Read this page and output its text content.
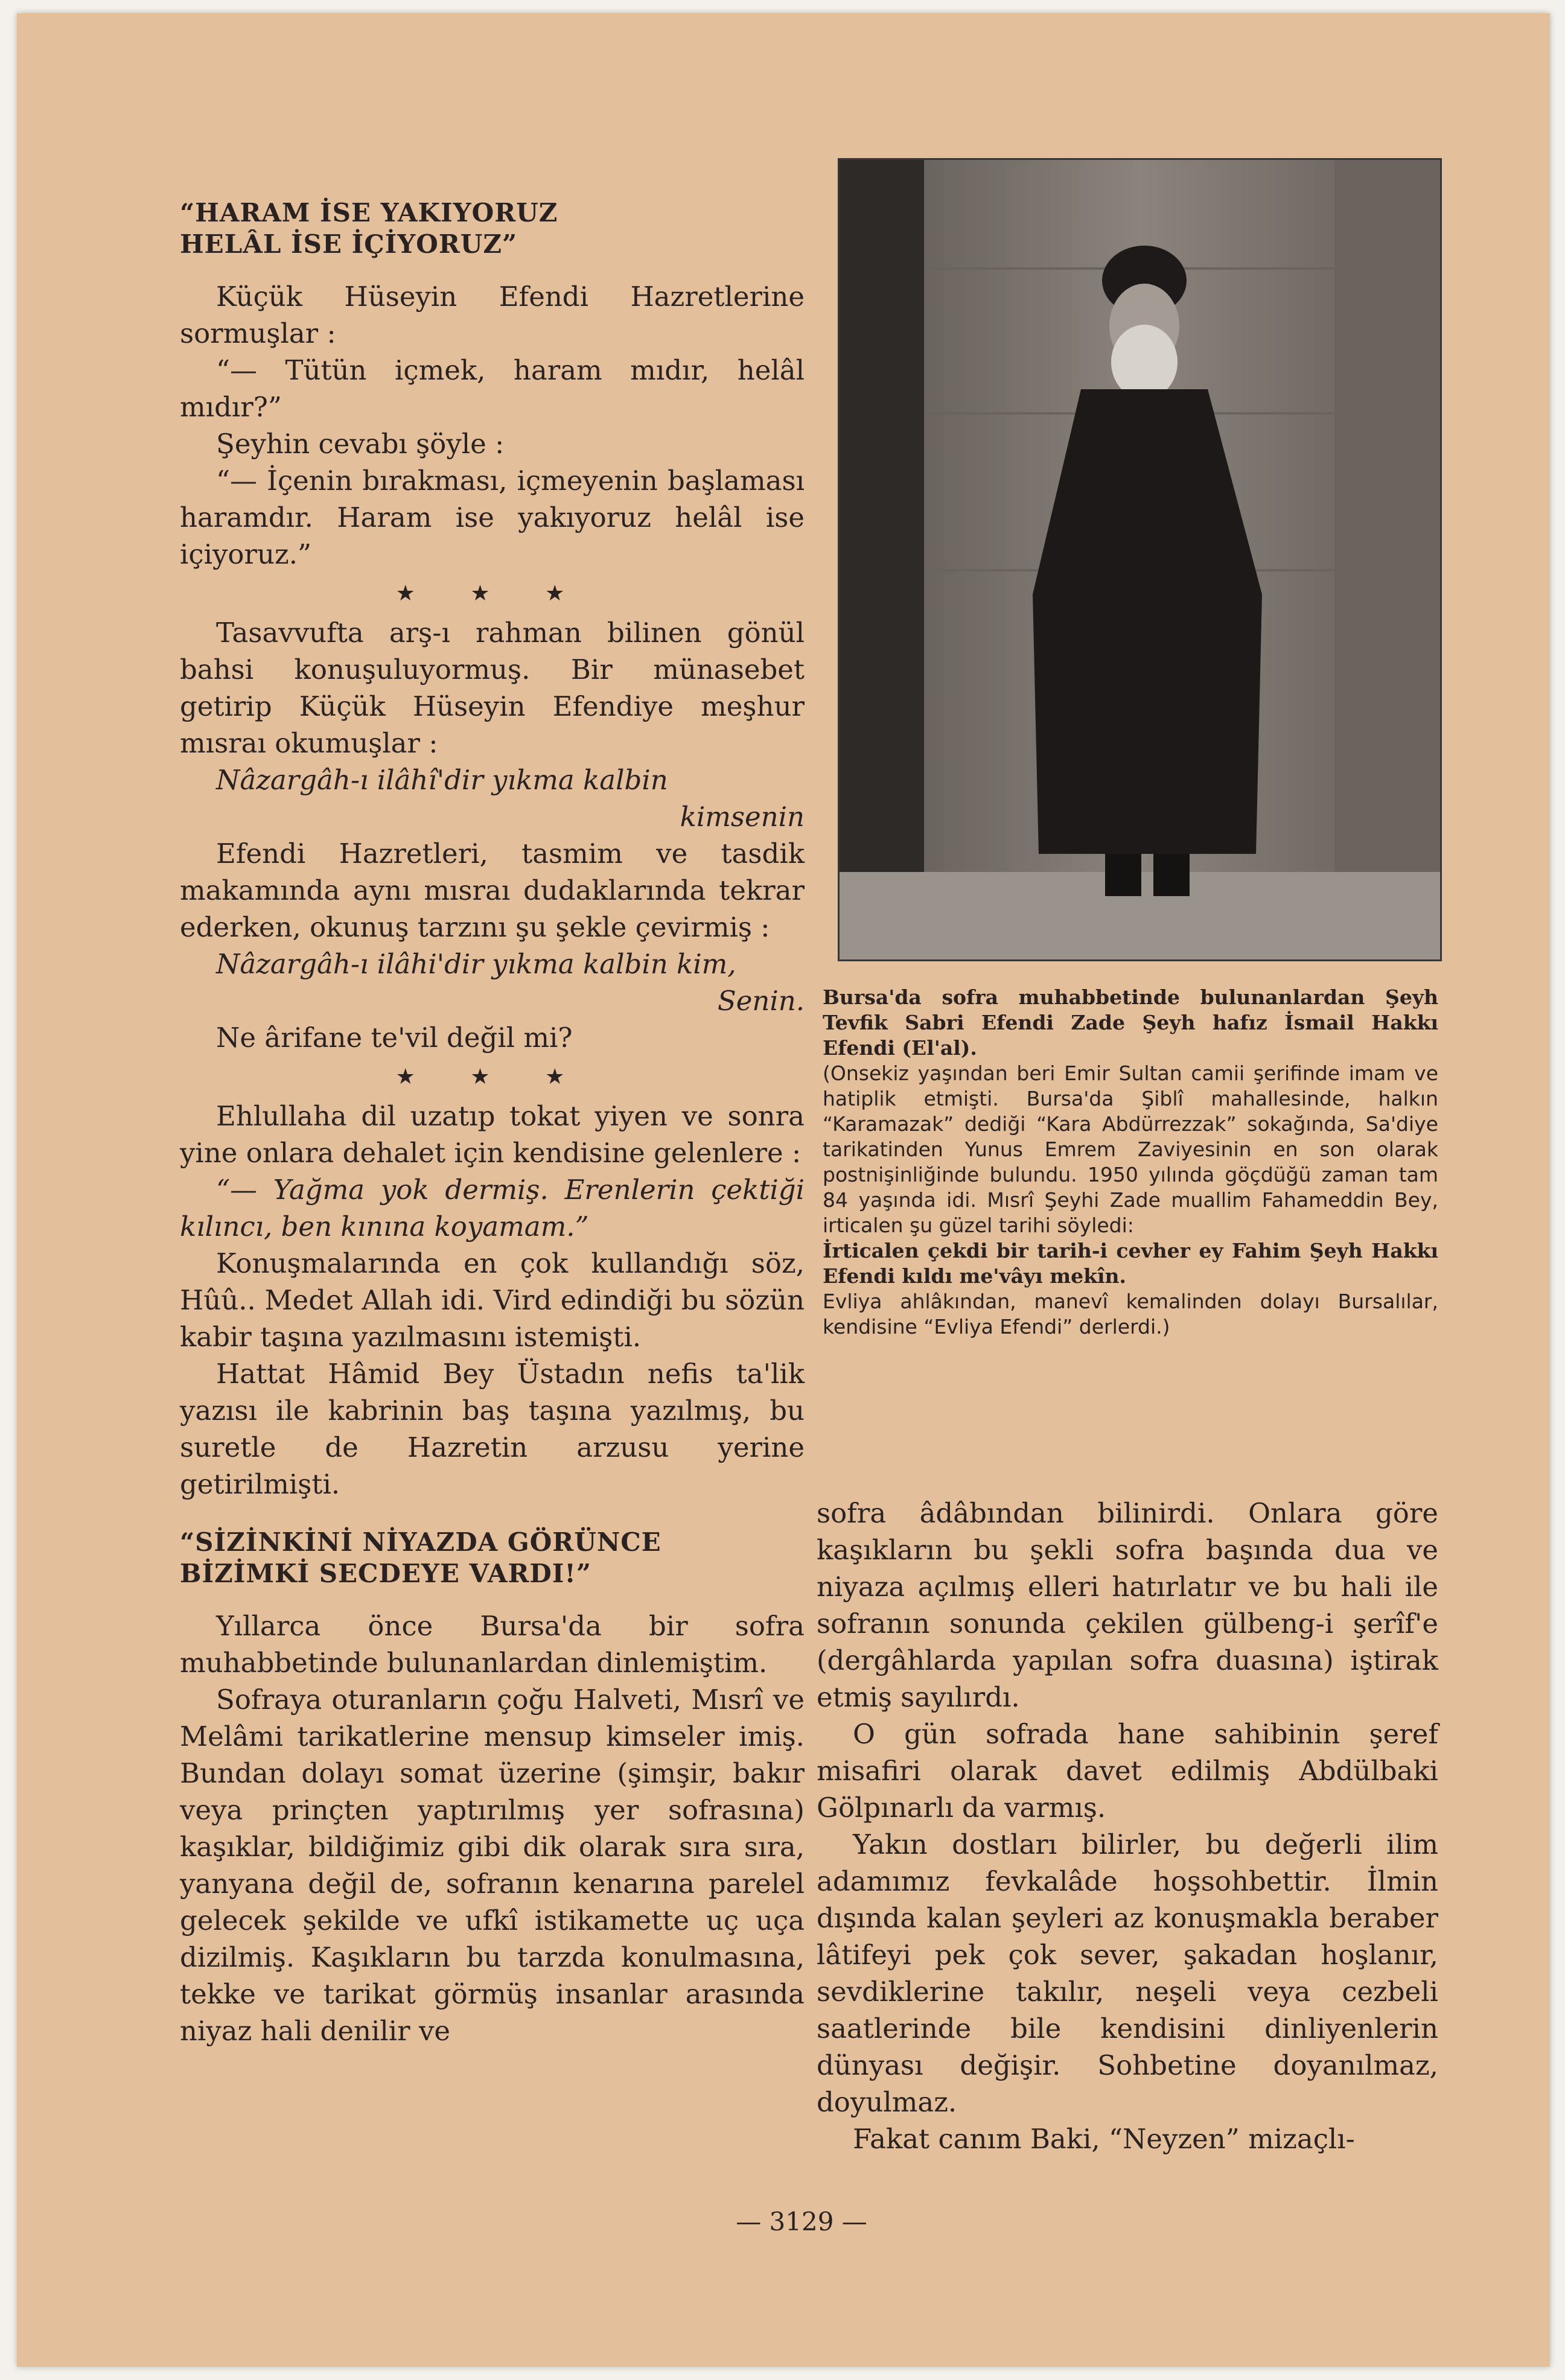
“HARAM İSE YAKIYORUZ
HELÂL İSE İÇİYORUZ”

Küçük Hüseyin Efendi Hazretlerine sormuşlar :

“— Tütün içmek, haram mıdır, helâl mıdır?”

Şeyhin cevabı şöyle :

“— İçenin bırakması, içmeyenin başlaması haramdır. Haram ise yakıyoruz helâl ise içiyoruz.”

★ ★ ★

Tasavvufta arş-ı rahman bilinen gönül bahsi konuşuluyormuş. Bir münasebet getirip Küçük Hüseyin Efendiye meşhur mısraı okumuşlar :

Nâzargâh-ı ilâhî'dir yıkma kalbin

kimsenin

Efendi Hazretleri, tasmim ve tasdik makamında aynı mısraı dudaklarında tekrar ederken, okunuş tarzını şu şekle çevirmiş :

Nâzargâh-ı ilâhi'dir yıkma kalbin kim,

Senin.

Ne ârifane te'vil değil mi?

★ ★ ★

Ehlullaha dil uzatıp tokat yiyen ve sonra yine onlara dehalet için kendisine gelenlere :

“— Yağma yok dermiş. Erenlerin çektiği kılıncı, ben kınına koyamam.”

Konuşmalarında en çok kullandığı söz, Hûû.. Medet Allah idi. Vird edindiği bu sözün kabir taşına yazılmasını istemişti.

Hattat Hâmid Bey Üstadın nefis ta'lik yazısı ile kabrinin baş taşına yazılmış, bu suretle de Hazretin arzusu yerine getirilmişti.

“SİZİNKİNİ NİYAZDA GÖRÜNCE
BİZİMKİ SECDEYE VARDI!”

Yıllarca önce Bursa'da bir sofra muhabbetinde bulunanlardan dinlemiştim.

Sofraya oturanların çoğu Halveti, Mısrî ve Melâmi tarikatlerine mensup kimseler imiş. Bundan dolayı somat üzerine (şimşir, bakır veya prinçten yaptırılmış yer sofrasına) kaşıklar, bildiğimiz gibi dik olarak sıra sıra, yanyana değil de, sofranın kenarına parelel gelecek şekilde ve ufkî istikamette uç uça dizilmiş. Kaşıkların bu tarzda konulmasına, tekke ve tarikat görmüş insanlar arasında niyaz hali denilir ve

Bursa'da sofra muhabbetinde bulunanlardan Şeyh Tevfik Sabri Efendi Zade Şeyh hafız İsmail Hakkı Efendi (El'al).

(Onsekiz yaşından beri Emir Sultan camii şerifinde imam ve hatiplik etmişti. Bursa'da Şiblî mahallesinde, halkın “Karamazak” dediği “Kara Abdürrezzak” sokağında, Sa'diye tarikatinden Yunus Emrem Zaviyesinin en son olarak postnişinliğinde bulundu. 1950 yılında göçdüğü zaman tam 84 yaşında idi. Mısrî Şeyhi Zade muallim Fahameddin Bey, irticalen şu güzel tarihi söyledi:

İrticalen çekdi bir tarih-i cevher ey Fahim Şeyh Hakkı Efendi kıldı me'vâyı mekîn.

Evliya ahlâkından, manevî kemalinden dolayı Bursalılar, kendisine “Evliya Efendi” derlerdi.)

sofra âdâbından bilinirdi. Onlara göre kaşıkların bu şekli sofra başında dua ve niyaza açılmış elleri hatırlatır ve bu hali ile sofranın sonunda çekilen gülbeng-i şerîf'e (dergâhlarda yapılan sofra duasına) iştirak etmiş sayılırdı.

O gün sofrada hane sahibinin şeref misafiri olarak davet edilmiş Abdülbaki Gölpınarlı da varmış.

Yakın dostları bilirler, bu değerli ilim adamımız fevkalâde hoşsohbettir. İlmin dışında kalan şeyleri az konuşmakla beraber lâtifeyi pek çok sever, şakadan hoşlanır, sevdiklerine takılır, neşeli veya cezbeli saatlerinde bile kendisini dinliyenlerin dünyası değişir. Sohbetine doyanılmaz, doyulmaz.

Fakat canım Baki, “Neyzen” mizaçlı-

— 3129 —
